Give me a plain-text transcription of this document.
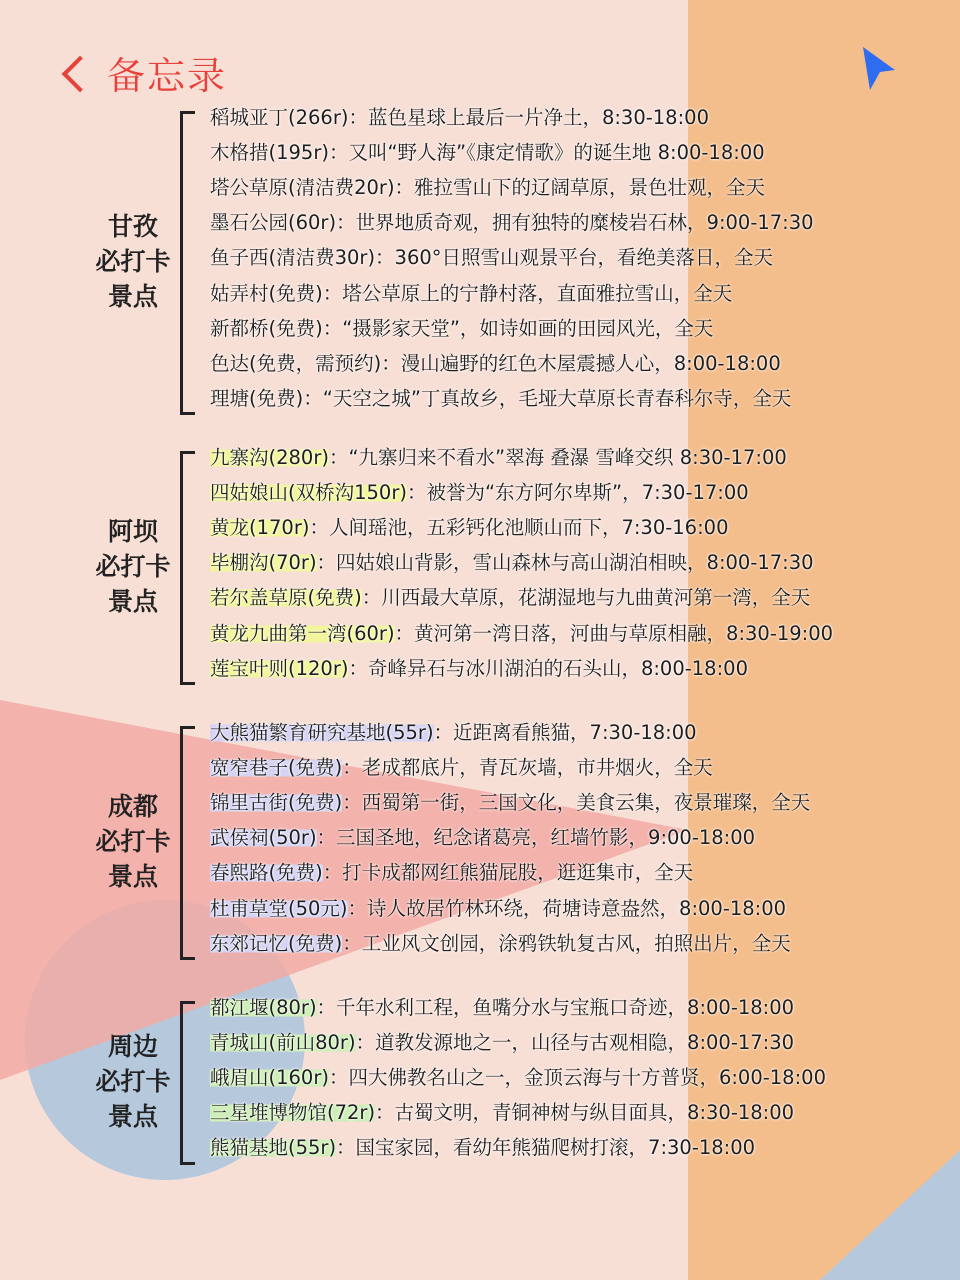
备忘录
甘孜
必打卡
景点
稻城亚丁(266r)：蓝色星球上最后一片净土，8:30-18:00
木格措(195r)：又叫“野人海”《康定情歌》的诞生地 8:00-18:00
塔公草原(清洁费20r)：雅拉雪山下的辽阔草原，景色壮观，全天
墨石公园(60r)：世界地质奇观，拥有独特的糜棱岩石林，9:00-17:30
鱼子西(清洁费30r)：360°日照雪山观景平台，看绝美落日，全天
姑弄村(免费)：塔公草原上的宁静村落，直面雅拉雪山，全天
新都桥(免费)：“摄影家天堂”，如诗如画的田园风光，全天
色达(免费，需预约)：漫山遍野的红色木屋震撼人心，8:00-18:00
理塘(免费)：“天空之城”丁真故乡，毛垭大草原长青春科尔寺，全天
阿坝
必打卡
景点
九寨沟(280r)：“九寨归来不看水”翠海 叠瀑 雪峰交织 8:30-17:00
四姑娘山(双桥沟150r)：被誉为“东方阿尔卑斯”，7:30-17:00
黄龙(170r)：人间瑶池，五彩钙化池顺山而下，7:30-16:00
毕棚沟(70r)：四姑娘山背影，雪山森林与高山湖泊相映，8:00-17:30
若尔盖草原(免费)：川西最大草原，花湖湿地与九曲黄河第一湾，全天
黄龙九曲第一湾(60r)：黄河第一湾日落，河曲与草原相融，8:30-19:00
莲宝叶则(120r)：奇峰异石与冰川湖泊的石头山，8:00-18:00
成都
必打卡
景点
大熊猫繁育研究基地(55r)：近距离看熊猫，7:30-18:00
宽窄巷子(免费)：老成都底片，青瓦灰墙，市井烟火，全天
锦里古街(免费)：西蜀第一街，三国文化，美食云集，夜景璀璨，全天
武侯祠(50r)：三国圣地，纪念诸葛亮，红墙竹影，9:00-18:00
春熙路(免费)：打卡成都网红熊猫屁股，逛逛集市，全天
杜甫草堂(50元)：诗人故居竹林环绕，荷塘诗意盎然，8:00-18:00
东郊记忆(免费)：工业风文创园，涂鸦铁轨复古风，拍照出片，全天
周边
必打卡
景点
都江堰(80r)：千年水利工程，鱼嘴分水与宝瓶口奇迹，8:00-18:00
青城山(前山80r)：道教发源地之一，山径与古观相隐，8:00-17:30
峨眉山(160r)：四大佛教名山之一，金顶云海与十方普贤，6:00-18:00
三星堆博物馆(72r)：古蜀文明，青铜神树与纵目面具，8:30-18:00
熊猫基地(55r)：国宝家园，看幼年熊猫爬树打滚，7:30-18:00
